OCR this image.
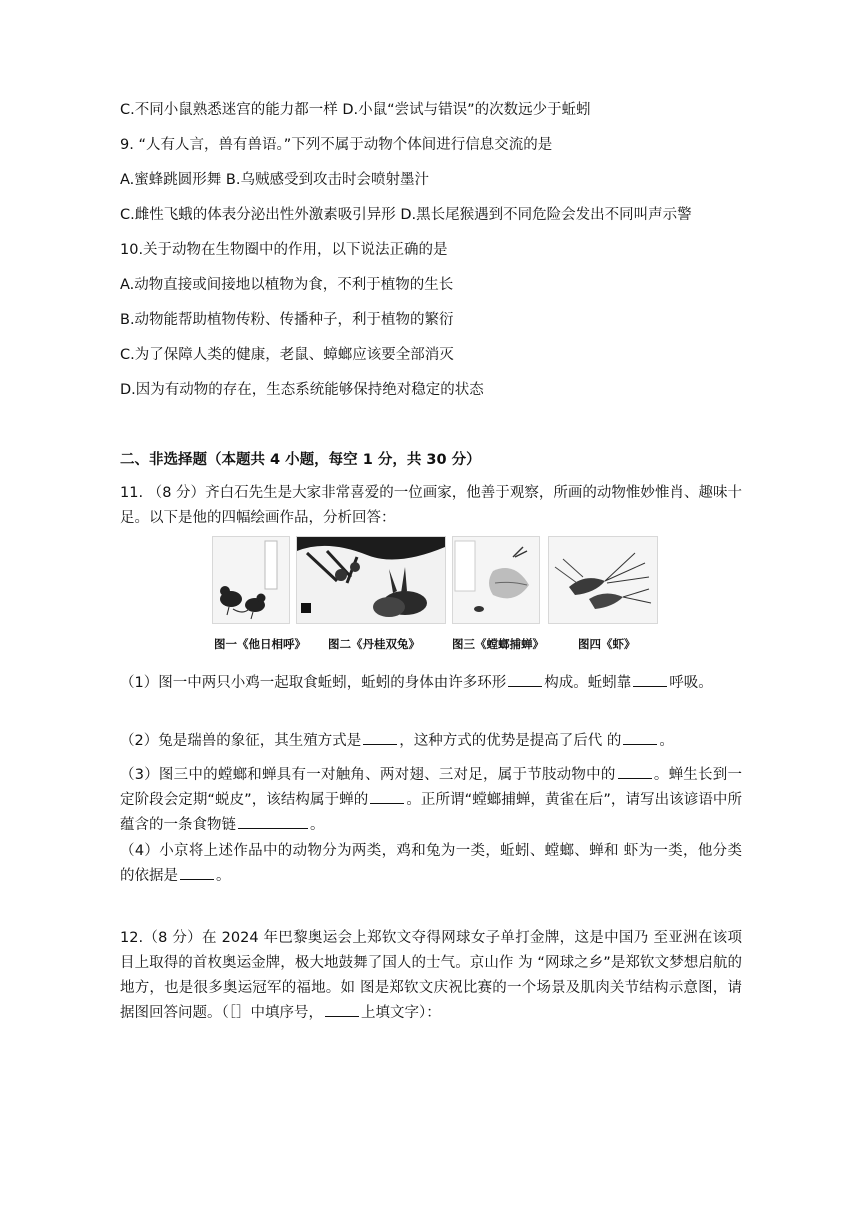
C.不同小鼠熟悉迷宫的能力都一样 D.小鼠“尝试与错误”的次数远少于蚯蚓
9. “人有人言，兽有兽语。”下列不属于动物个体间进行信息交流的是
A.蜜蜂跳圆形舞 B.乌贼感受到攻击时会喷射墨汁
C.雌性飞蛾的体表分泌出性外激素吸引异形 D.黑长尾猴遇到不同危险会发出不同叫声示警
10.关于动物在生物圈中的作用，以下说法正确的是
A.动物直接或间接地以植物为食，不利于植物的生长
B.动物能帮助植物传粉、传播种子，利于植物的繁衍
C.为了保障人类的健康，老鼠、蟑螂应该要全部消灭
D.因为有动物的存在，生态系统能够保持绝对稳定的状态
二、非选择题（本题共 4 小题，每空 1 分，共 30 分）
11. （8 分）齐白石先生是大家非常喜爱的一位画家，他善于观察，所画的动物惟妙惟肖、趣味十足。以下是他的四幅绘画作品，分析回答：
图一《他日相呼》 图二《丹桂双兔》	图三《螳螂捕蝉》	图四《虾》
（1）图一中两只小鸡一起取食蚯蚓，蚯蚓的身体由许多环形	构成。蚯蚓靠	呼吸。
（2）兔是瑞兽的象征，其生殖方式是	，这种方式的优势是提高了后代 的	。
（3）图三中的螳螂和蝉具有一对触角、两对翅、三对足，属于节肢动物中的	。蝉生长到一定阶段会定期“蜕皮”，该结构属于蝉的	。正所谓“螳螂捕蝉，黄雀在后”，请写出该谚语中所蕴含的一条食物链	。
（4）小京将上述作品中的动物分为两类，鸡和兔为一类，蚯蚓、螳螂、蝉和 虾为一类，他分类的依据是	。
12.（8 分）在 2024 年巴黎奥运会上郑钦文夺得网球女子单打金牌，这是中国乃 至亚洲在该项目上取得的首枚奥运金牌，极大地鼓舞了国人的士气。京山作 为 “网球之乡”是郑钦文梦想启航的地方，也是很多奥运冠军的福地。如 图是郑钦文庆祝比赛的一个场景及肌肉关节结构示意图，请据图回答问题。（［］中填序号，	上填文字）：
